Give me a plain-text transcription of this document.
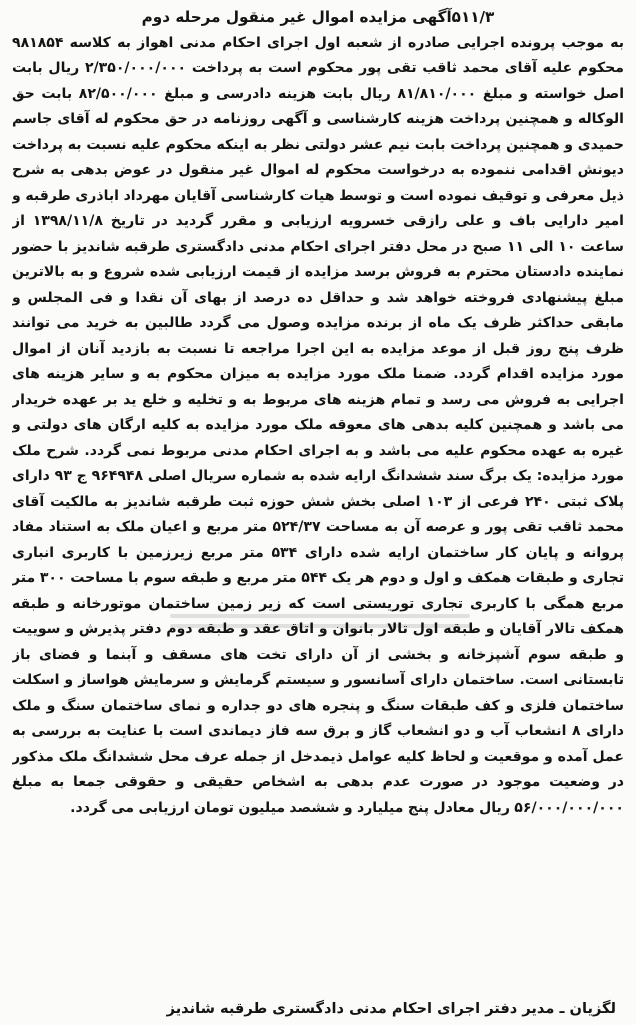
۵۱۱/۳آگهی مزایده اموال غیر منقول مرحله دوم

به موجب پرونده اجرایی صادره از شعبه اول اجرای احکام مدنی اهواز به کلاسه ۹۸۱۸۵۴ محکوم علیه آقای محمد ثاقب تقی پور محکوم است به پرداخت ۲/۳۵۰/۰۰۰/۰۰۰ ریال بابت اصل خواسته و مبلغ ۸۱/۸۱۰/۰۰۰ ریال بابت هزینه دادرسی و مبلغ ۸۲/۵۰۰/۰۰۰ بابت حق الوکاله و همچنین پرداخت هزینه کارشناسی و آگهی روزنامه در حق محکوم له آقای جاسم حمیدی و همچنین پرداخت بابت نیم عشر دولتی نظر به اینکه محکوم علیه نسبت به پرداخت دیونش اقدامی ننموده به درخواست محکوم له اموال غیر منقول در عوض بدهی به شرح ذیل معرفی و توقیف نموده است و توسط هیات کارشناسی آقایان مهرداد اباذری طرقبه و امیر دارایی باف و علی رازقی خسرویه ارزیابی و مقرر گردید در تاریخ ۱۳۹۸/۱۱/۸ از ساعت ۱۰ الی ۱۱ صبح در محل دفتر اجرای احکام مدنی دادگستری طرقبه شاندیز با حضور نماینده دادستان محترم به فروش برسد مزایده از قیمت ارزیابی شده شروع و به بالاترین مبلغ پیشنهادی فروخته خواهد شد و حداقل ده درصد از بهای آن نقدا و فی المجلس و مابقی حداکثر ظرف یک ماه از برنده مزایده وصول می گردد طالبین به خرید می توانند ظرف پنج روز قبل از موعد مزایده به این اجرا مراجعه تا نسبت به بازدید آنان از اموال مورد مزایده اقدام گردد. ضمنا ملک مورد مزایده به میزان محکوم به و سایر هزینه های اجرایی به فروش می رسد و تمام هزینه های مربوط به و تخلیه و خلع ید بر عهده خریدار می باشد و همچنین کلیه بدهی های معوقه ملک مورد مزایده به کلیه ارگان های دولتی و غیره به عهده محکوم علیه می باشد و به اجرای احکام مدنی مربوط نمی گردد. شرح ملک مورد مزایده: یک برگ سند ششدانگ ارایه شده به شماره سریال اصلی ۹۶۴۹۴۸ ج ۹۳ دارای پلاک ثبتی ۲۴۰ فرعی از ۱۰۳ اصلی بخش شش حوزه ثبت طرقبه شاندیز به مالکیت آقای محمد ثاقب تقی پور و عرصه آن به مساحت ۵۲۴/۳۷ متر مربع و اعیان ملک به استناد مفاد پروانه و پایان کار ساختمان ارایه شده دارای ۵۳۴ متر مربع زیرزمین با کاربری انباری تجاری و طبقات همکف و اول و دوم هر یک ۵۴۴ متر مربع و طبقه سوم با مساحت ۳۰۰ متر مربع همگی با کاربری تجاری توریستی است که زیر زمین ساختمان موتورخانه و طبقه همکف تالار آقایان و طبقه اول تالار بانوان و اتاق عقد و طبقه دوم دفتر پذیرش و سوییت و طبقه سوم آشپزخانه و بخشی از آن دارای تخت های مسقف و آبنما و فضای باز تابستانی است. ساختمان دارای آسانسور و سیستم گرمایش و سرمایش هواساز و اسکلت ساختمان فلزی و کف طبقات سنگ و پنجره های دو جداره و نمای ساختمان سنگ و ملک دارای ۸ انشعاب آب و دو انشعاب گاز و برق سه فاز دیماندی است با عنایت به بررسی به عمل آمده و موقعیت و لحاظ کلیه عوامل ذیمدخل از جمله عرف محل ششدانگ ملک مذکور در وضعیت موجود در صورت عدم بدهی به اشخاص حقیقی و حقوقی جمعا به مبلغ ۵۶/۰۰۰/۰۰۰/۰۰۰ ریال معادل پنج میلیارد و ششصد میلیون تومان ارزیابی می گردد.

لگزیان ـ مدیر دفتر اجرای احکام مدنی دادگستری طرقبه شاندیز
